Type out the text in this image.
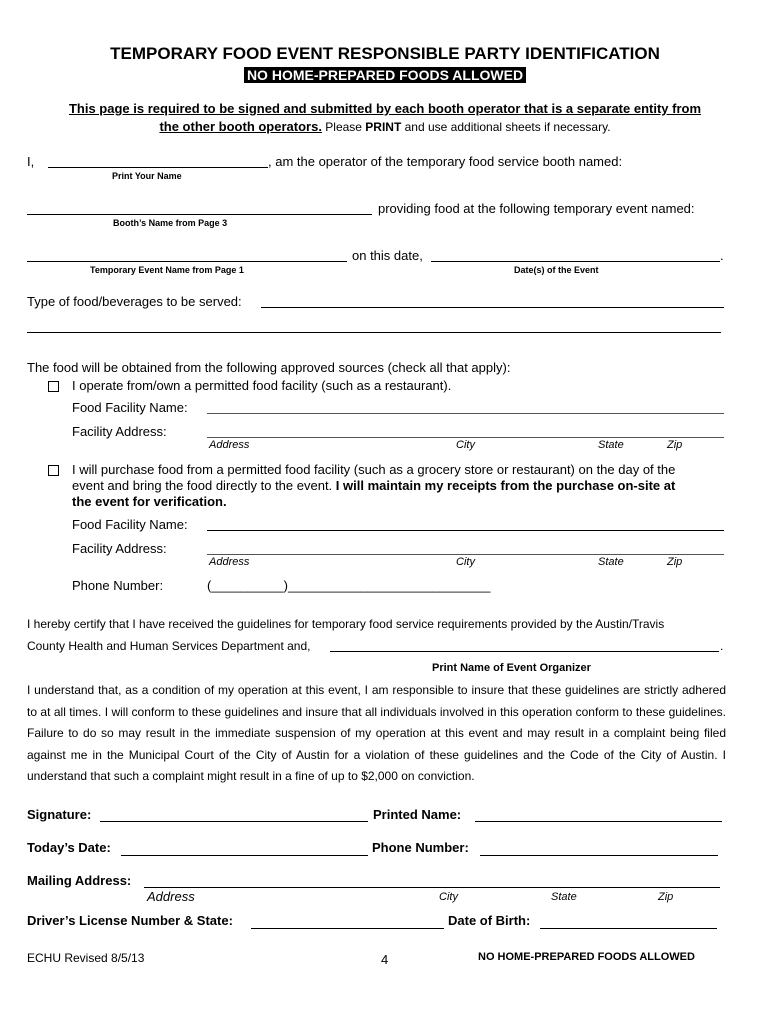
TEMPORARY FOOD EVENT RESPONSIBLE PARTY IDENTIFICATION
NO HOME-PREPARED FOODS ALLOWED
This page is required to be signed and submitted by each booth operator that is a separate entity from
the other booth operators. Please PRINT and use additional sheets if necessary.
I,	, am the operator of the temporary food service booth named:
Print Your Name
providing food at the following temporary event named:
Booth’s Name from Page 3
on this date,	.
Temporary Event Name from Page 1	Date(s) of the Event
Type of food/beverages to be served:
The food will be obtained from the following approved sources (check all that apply):
I operate from/own a permitted food facility (such as a restaurant).
Food Facility Name:
Facility Address:
Address	City	State	Zip
I will purchase food from a permitted food facility (such as a grocery store or restaurant) on the day of the
event and bring the food directly to the event. I will maintain my receipts from the purchase on-site at
the event for verification.
Food Facility Name:
Facility Address:
Address	City	State	Zip
Phone Number:	(__________)____________________________
I hereby certify that I have received the guidelines for temporary food service requirements provided by the Austin/Travis
County Health and Human Services Department and,	.
Print Name of Event Organizer
I understand that, as a condition of my operation at this event, I am responsible to insure that these guidelines are strictly adhered to at all times. I will conform to these guidelines and insure that all individuals involved in this operation conform to these guidelines. Failure to do so may result in the immediate suspension of my operation at this event and may result in a complaint being filed against me in the Municipal Court of the City of Austin for a violation of these guidelines and the Code of the City of Austin. I understand that such a complaint might result in a fine of up to $2,000 on conviction.
Signature:	Printed Name:
Today’s Date:	Phone Number:
Mailing Address:
Address	City	State	Zip
Driver’s License Number & State:	Date of Birth:
ECHU Revised 8/5/13	4	NO HOME-PREPARED FOODS ALLOWED
